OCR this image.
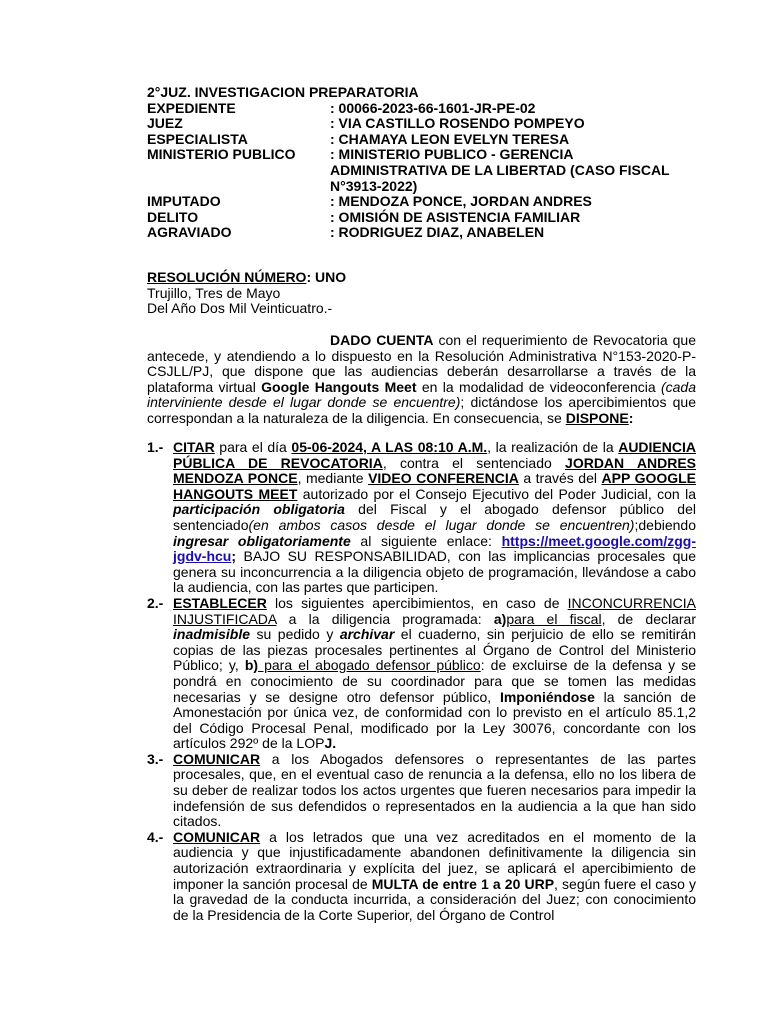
2°JUZ. INVESTIGACION PREPARATORIA
EXPEDIENTE	: 00066-2023-66-1601-JR-PE-02
JUEZ	: VIA CASTILLO ROSENDO POMPEYO
ESPECIALISTA	: CHAMAYA LEON EVELYN TERESA
MINISTERIO PUBLICO	: MINISTERIO PUBLICO - GERENCIA ADMINISTRATIVA DE LA LIBERTAD (CASO FISCAL N°3913-2022)
IMPUTADO	: MENDOZA PONCE, JORDAN ANDRES
DELITO	: OMISIÓN DE ASISTENCIA FAMILIAR
AGRAVIADO	: RODRIGUEZ DIAZ, ANABELEN
RESOLUCIÓN NÚMERO: UNO
Trujillo, Tres de Mayo
Del Año Dos Mil Veinticuatro.-
DADO CUENTA con el requerimiento de Revocatoria que antecede, y atendiendo a lo dispuesto en la Resolución Administrativa N°153-2020-P-CSJLL/PJ, que dispone que las audiencias deberán desarrollarse a través de la plataforma virtual Google Hangouts Meet en la modalidad de videoconferencia (cada interviniente desde el lugar donde se encuentre); dictándose los apercibimientos que correspondan a la naturaleza de la diligencia. En consecuencia, se DISPONE:
1.- CITAR para el día 05-06-2024, A LAS 08:10 A.M., la realización de la AUDIENCIA PÚBLICA DE REVOCATORIA, contra el sentenciado JORDAN ANDRES MENDOZA PONCE, mediante VIDEO CONFERENCIA a través del APP GOOGLE HANGOUTS MEET autorizado por el Consejo Ejecutivo del Poder Judicial, con la participación obligatoria del Fiscal y el abogado defensor público del sentenciado(en ambos casos desde el lugar donde se encuentren);debiendo ingresar obligatoriamente al siguiente enlace: https://meet.google.com/zgg-jgdv-hcu; BAJO SU RESPONSABILIDAD, con las implicancias procesales que genera su inconcurrencia a la diligencia objeto de programación, llevándose a cabo la audiencia, con las partes que participen.
2.- ESTABLECER los siguientes apercibimientos, en caso de INCONCURRENCIA INJUSTIFICADA a la diligencia programada: a)para el fiscal, de declarar inadmisible su pedido y archivar el cuaderno, sin perjuicio de ello se remitirán copias de las piezas procesales pertinentes al Órgano de Control del Ministerio Público; y, b) para el abogado defensor público: de excluirse de la defensa y se pondrá en conocimiento de su coordinador para que se tomen las medidas necesarias y se designe otro defensor público, Imponiéndose la sanción de Amonestación por única vez, de conformidad con lo previsto en el artículo 85.1,2 del Código Procesal Penal, modificado por la Ley 30076, concordante con los artículos 292º de la LOPJ.
3.- COMUNICAR a los Abogados defensores o representantes de las partes procesales, que, en el eventual caso de renuncia a la defensa, ello no los libera de su deber de realizar todos los actos urgentes que fueren necesarios para impedir la indefensión de sus defendidos o representados en la audiencia a la que han sido citados.
4.- COMUNICAR a los letrados que una vez acreditados en el momento de la audiencia y que injustificadamente abandonen definitivamente la diligencia sin autorización extraordinaria y explícita del juez, se aplicará el apercibimiento de imponer la sanción procesal de MULTA de entre 1 a 20 URP, según fuere el caso y la gravedad de la conducta incurrida, a consideración del Juez; con conocimiento de la Presidencia de la Corte Superior, del Órgano de Control
